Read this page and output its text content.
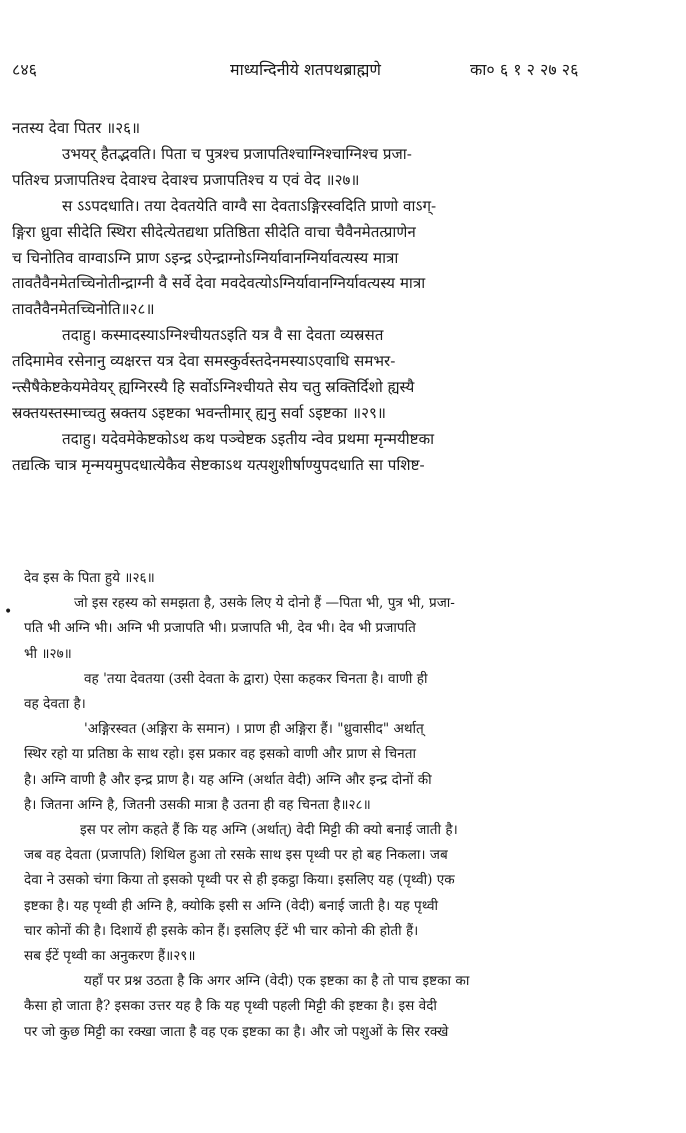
८४६	माध्यन्दिनीये शतपथब्राह्मणे	का० ६ १ २ २७ २६
नतस्य देवा पितर ॥२६॥
उभयर् हैतद्भवति। पिता च पुत्रश्च प्रजापतिश्चाग्निश्चाग्निश्च प्रजा-
पतिश्च प्रजापतिश्च देवाश्च देवाश्च प्रजापतिश्च य एवं वेद ॥२७॥
स ऽऽपदधाति। तया देवतयेति वाग्वै सा देवताऽङ्गिरस्वदिति प्राणो वाऽग्-
ङ्गिरा ध्रुवा सीदेति स्थिरा सीदेत्येतद्यथा प्रतिष्ठिता सीदेति वाचा चैवैनमेतत्प्राणेन
च चिनोतिव वाग्वाऽग्नि प्राण ऽइन्द्र ऽऐन्द्राग्नोऽग्निर्यावानग्निर्यावत्यस्य मात्रा
तावतैवैनमेतच्चिनोतीन्द्राग्नी वै सर्वे देवा मवदेवत्योऽग्निर्यावानग्निर्यावत्यस्य मात्रा
तावतैवैनमेतच्चिनोति॥२८॥
तदाहु। कस्मादस्याऽग्निश्चीयतऽइति यत्र वै सा देवता व्यस्रसत
तदिमामेव रसेनानु व्यक्षरत्त यत्र देवा समस्कुर्वस्तदेनमस्याऽएवाधि समभर-
न्त्सैषैकेष्टकेयमेवेयर् ह्यग्निरस्यै हि सर्वोऽग्निश्चीयते सेय चतु स्रक्तिर्दिशो ह्यस्यै
स्रक्तयस्तस्माच्चतु स्रक्तय ऽइष्टका भवन्तीमार् ह्यनु सर्वा ऽइष्टका ॥२९॥
तदाहु। यदेवमेकेष्टकोऽथ कथ पञ्चेष्टक ऽइतीय न्वेव प्रथमा मृन्मयीष्टका
तद्यत्कि चात्र मृन्मयमुपदधात्येकैव सेष्टकाऽथ यत्पशुशीर्षाण्युपदधाति सा पशिष्ट-
•
देव इस के पिता हुये ॥२६॥
जो इस रहस्य को समझता है, उसके लिए ये दोनो हैं —पिता भी, पुत्र भी, प्रजा-
पति भी अग्नि भी। अग्नि भी प्रजापति भी। प्रजापति भी, देव भी। देव भी प्रजापति
भी ॥२७॥
वह 'तया देवतया (उसी देवता के द्वारा) ऐसा कहकर चिनता है। वाणी ही
वह देवता है।
'अङ्गिरस्वत (अङ्गिरा के समान) । प्राण ही अङ्गिरा हैं। "ध्रुवासीद" अर्थात्
स्थिर रहो या प्रतिष्ठा के साथ रहो। इस प्रकार वह इसको वाणी और प्राण से चिनता
है। अग्नि वाणी है और इन्द्र प्राण है। यह अग्नि (अर्थात वेदी) अग्नि और इन्द्र दोनों की
है। जितना अग्नि है, जितनी उसकी मात्रा है उतना ही वह चिनता है॥२८॥
इस पर लोग कहते हैं कि यह अग्नि (अर्थात्) वेदी मिट्टी की क्यो बनाई जाती है।
जब वह देवता (प्रजापति) शिथिल हुआ तो रसके साथ इस पृथ्वी पर हो बह निकला। जब
देवा ने उसको चंगा किया तो इसको पृथ्वी पर से ही इकट्ठा किया। इसलिए यह (पृथ्वी) एक
इष्टका है। यह पृथ्वी ही अग्नि है, क्योकि इसी स अग्नि (वेदी) बनाई जाती है। यह पृथ्वी
चार कोनों की है। दिशायें ही इसके कोन हैं। इसलिए ईटें भी चार कोनो की होती हैं।
सब ईटें पृथ्वी का अनुकरण हैं॥२९॥
यहाँ पर प्रश्न उठता है कि अगर अग्नि (वेदी) एक इष्टका का है तो पाच इष्टका का
कैसा हो जाता है? इसका उत्तर यह है कि यह पृथ्वी पहली मिट्टी की इष्टका है। इस वेदी
पर जो कुछ मिट्टी का रक्खा जाता है वह एक इष्टका का है। और जो पशुओं के सिर रक्खे
